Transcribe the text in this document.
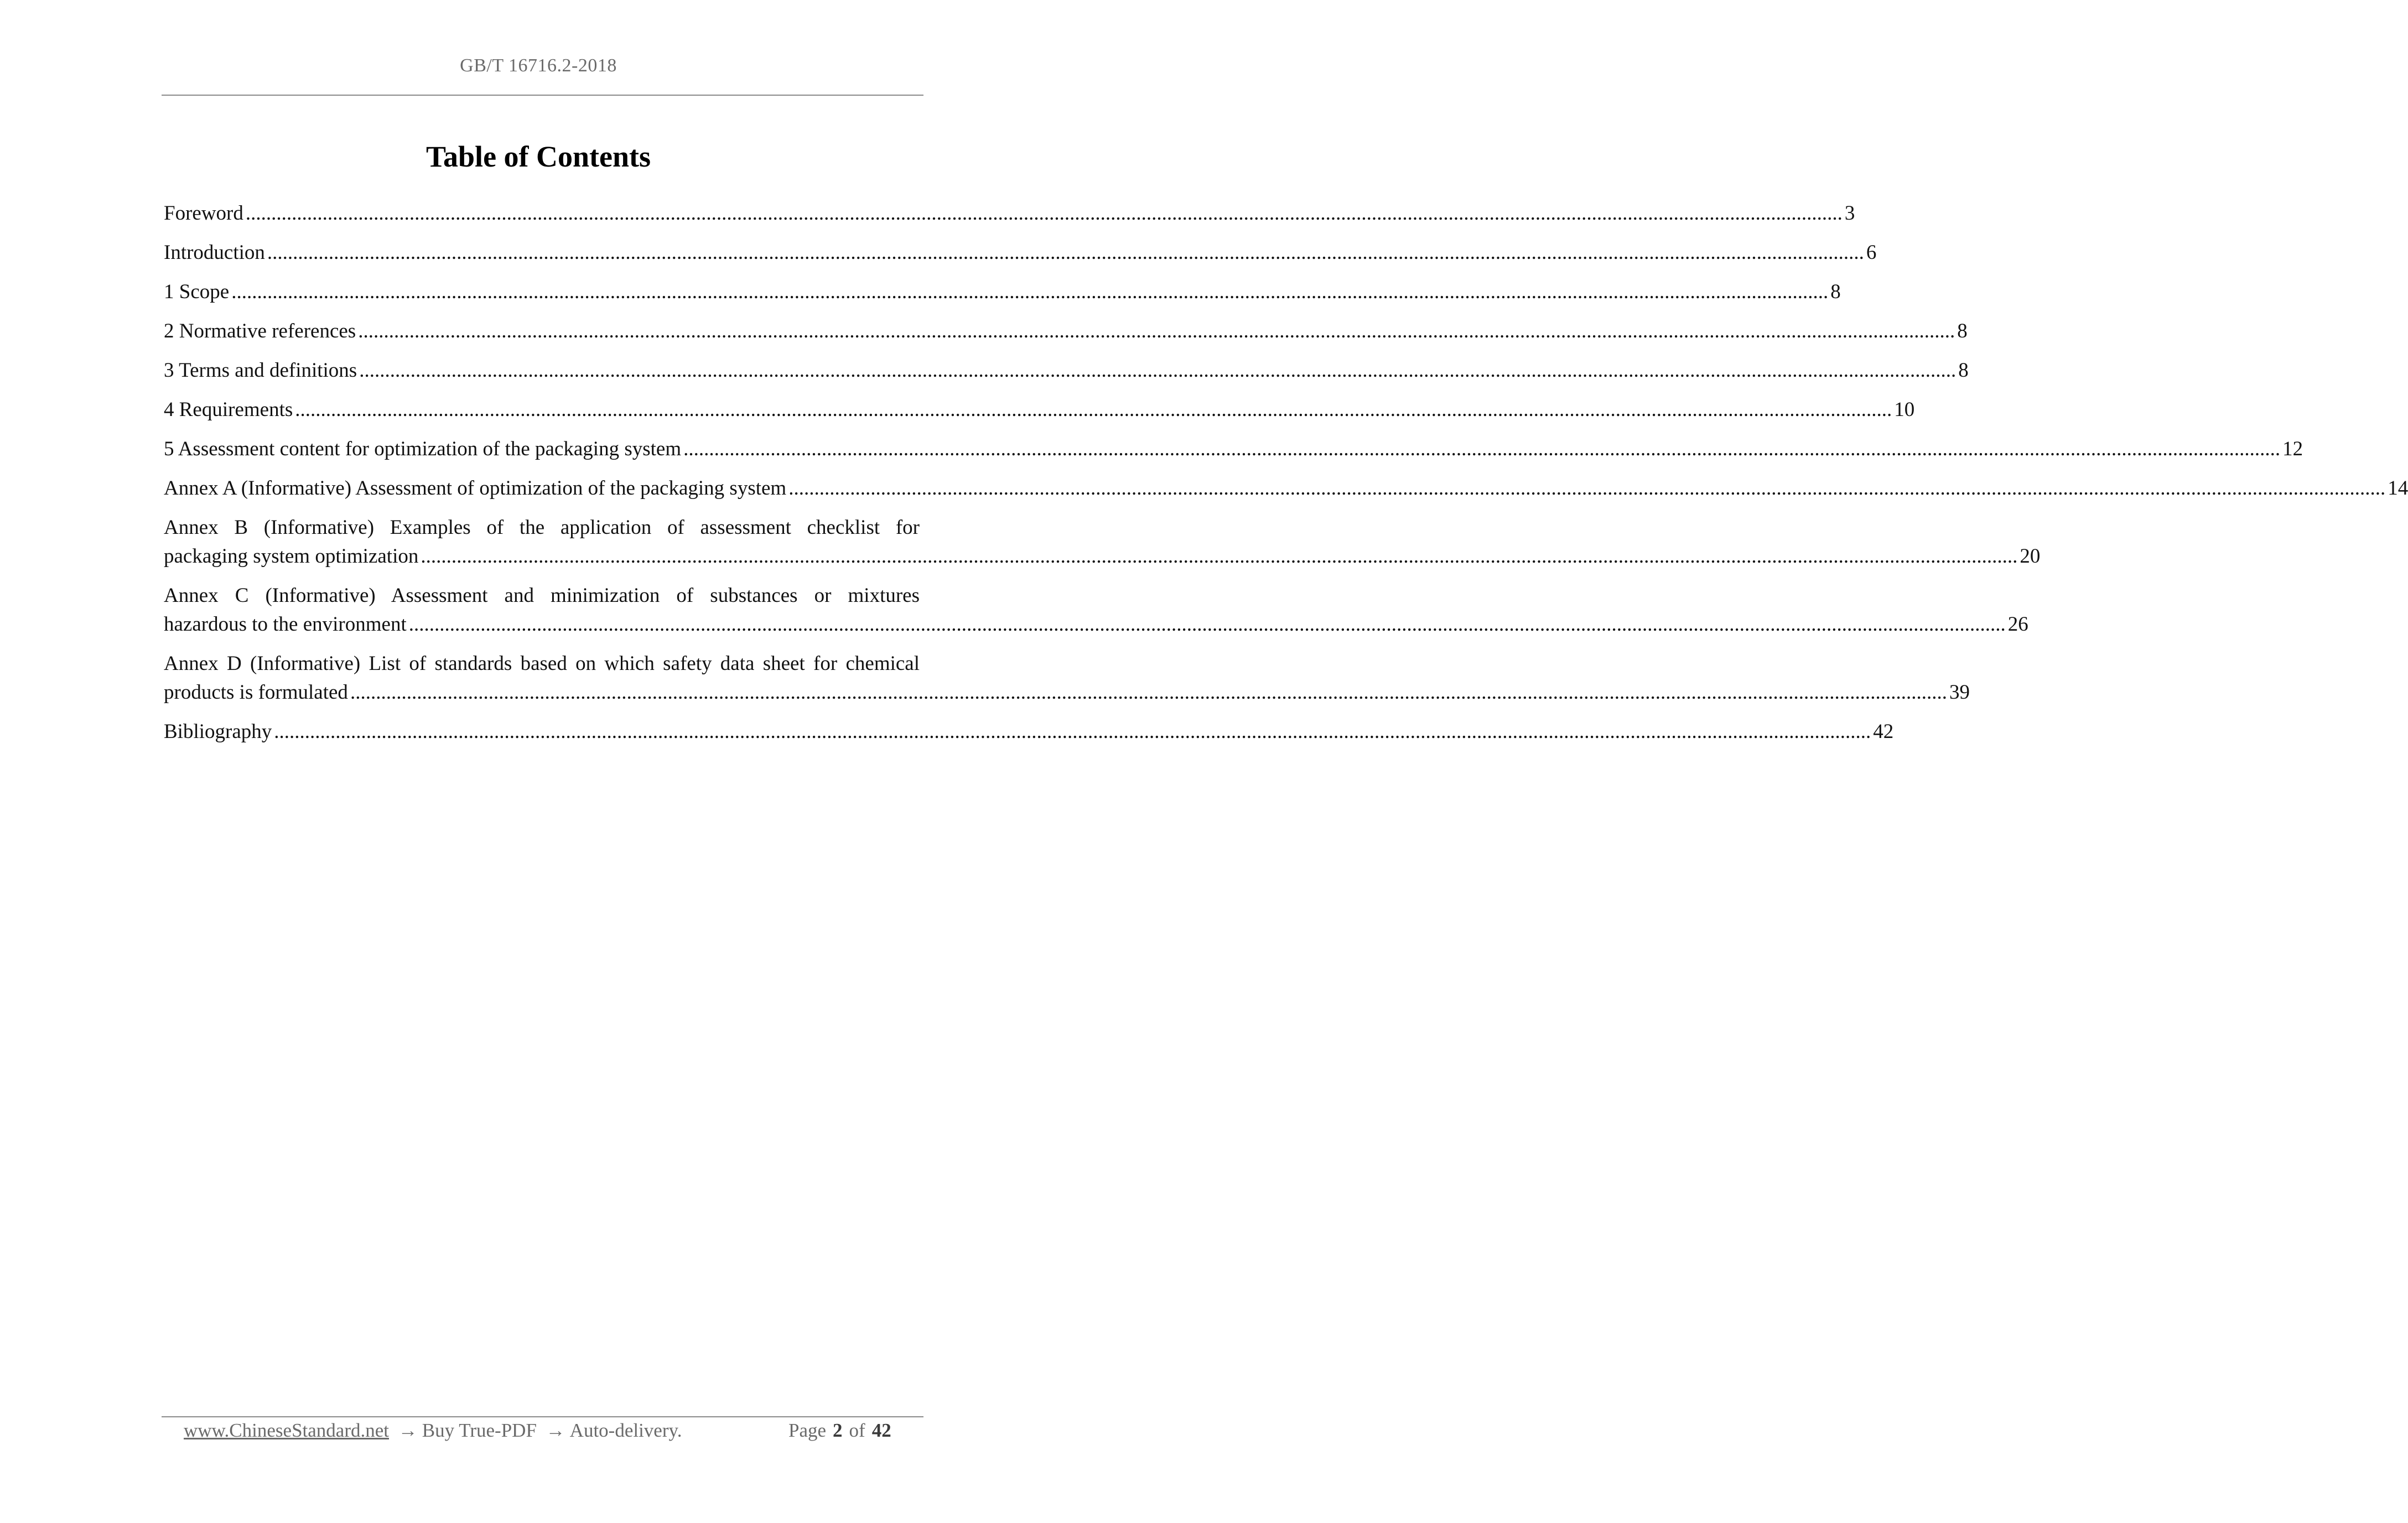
GB/T 16716.2-2018
Table of Contents
Foreword ........................................................................................................................................................................................................................................................................................................................ 3
Introduction ........................................................................................................................................................................................................................................................................................................................ 6
1 Scope ........................................................................................................................................................................................................................................................................................................................ 8
2 Normative references ........................................................................................................................................................................................................................................................................................................................ 8
3 Terms and definitions ........................................................................................................................................................................................................................................................................................................................ 8
4 Requirements ........................................................................................................................................................................................................................................................................................................................ 10
5 Assessment content for optimization of the packaging system ........................................................................................................................................................................................................................................................................................................................ 12
Annex A (Informative) Assessment of optimization of the packaging system ........................................................................................................................................................................................................................................................................................................................ 14
Annex B (Informative) Examples of the application of assessment checklist for
packaging system optimization ........................................................................................................................................................................................................................................................................................................................ 20
Annex C (Informative) Assessment and minimization of substances or mixtures
hazardous to the environment ........................................................................................................................................................................................................................................................................................................................ 26
Annex D (Informative) List of standards based on which safety data sheet for chemical
products is formulated ........................................................................................................................................................................................................................................................................................................................ 39
Bibliography ........................................................................................................................................................................................................................................................................................................................ 42
www.ChineseStandard.net → Buy True-PDF → Auto-delivery.	Page 2 of 42
